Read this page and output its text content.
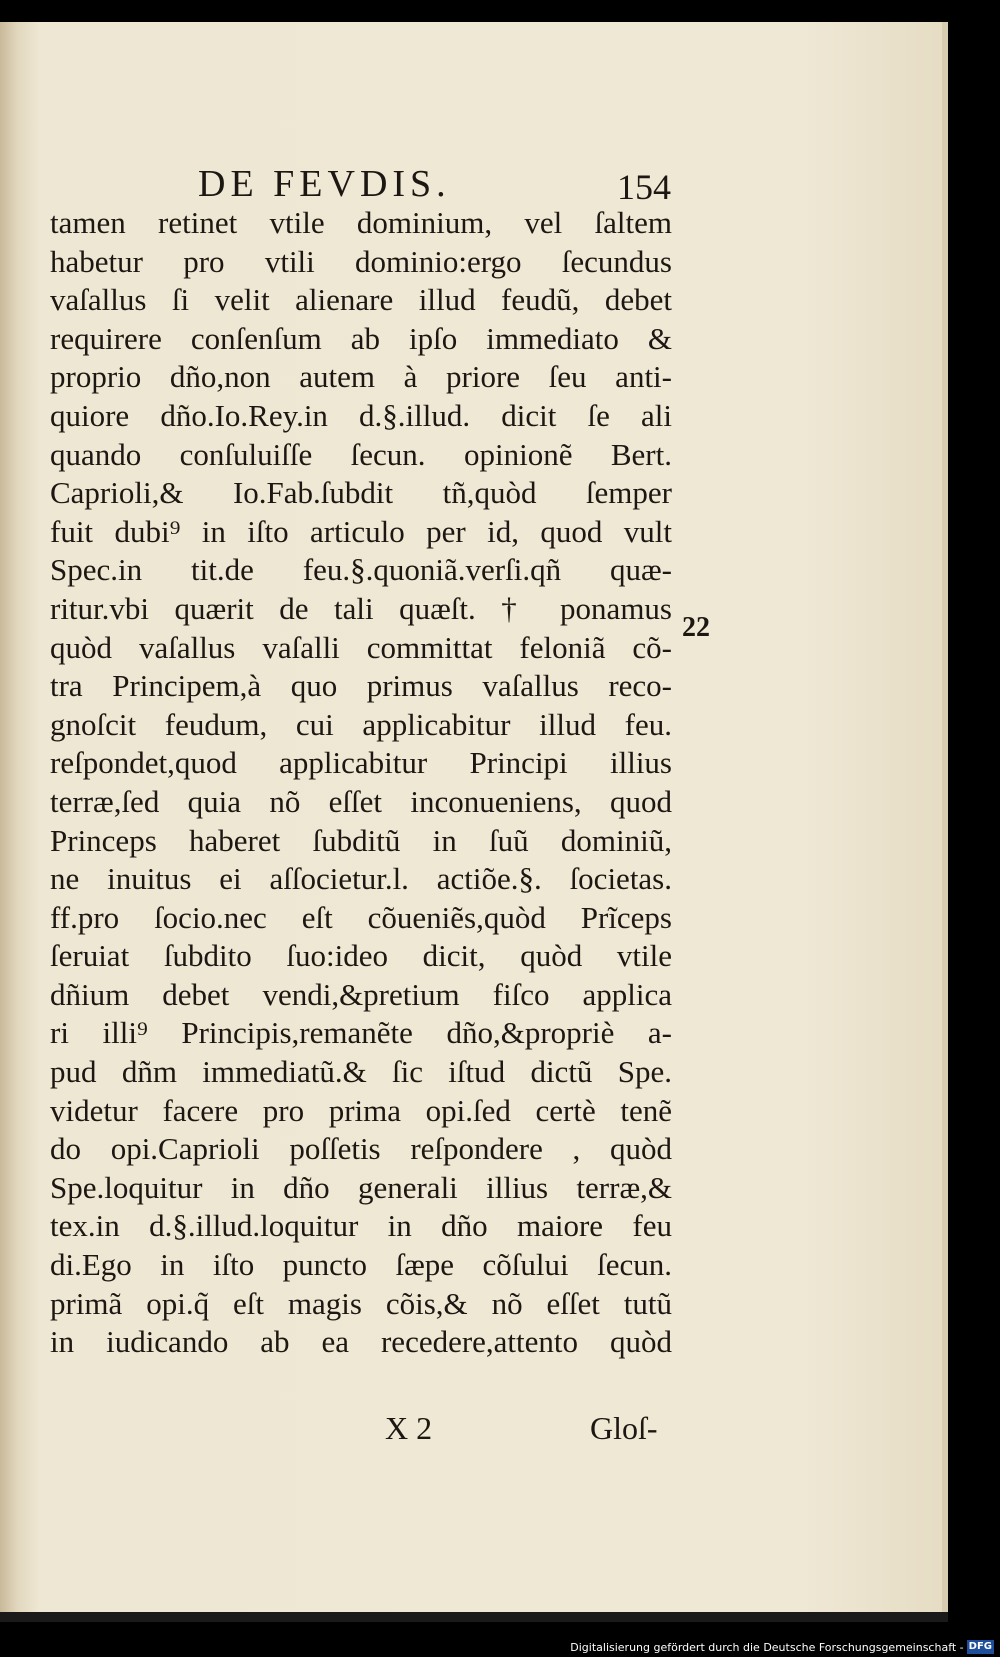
DE FEVDIS.	154
tamen retinet vtile dominium, vel ſaltem
habetur pro vtili dominio:ergo ſecundus
vaſallus ſi velit alienare illud feudũ, debet
requirere conſenſum ab ipſo immediato &
proprio dño,non autem à priore ſeu anti-
quiore dño.Io.Rey.in d.§.illud. dicit ſe ali
quando conſuluiſſe ſecun. opinionẽ Bert.
Caprioli,& Io.Fab.ſubdit tñ,quòd ſemper
fuit dubi⁹ in iſto articulo per id, quod vult
Spec.in tit.de feu.§.quoniã.verſi.qñ quæ-
ritur.vbi quærit de tali quæſt. † ponamus
quòd vaſallus vaſalli committat feloniã cõ-
tra Principem,à quo primus vaſallus reco-
gnoſcit feudum, cui applicabitur illud feu.
reſpondet,quod applicabitur Principi illius
terræ,ſed quia nõ eſſet inconueniens, quod
Princeps haberet ſubditũ in ſuũ dominiũ,
ne inuitus ei aſſocietur.l. actiõe.§. ſocietas.
ff.pro ſocio.nec eſt cõueniẽs,quòd Prĩceps
ſeruiat ſubdito ſuo:ideo dicit, quòd vtile
dñium debet vendi,&pretium fiſco applica
ri illi⁹ Principis,remanẽte dño,&propriè a-
pud dñm immediatũ.& ſic iſtud dictũ Spe.
videtur facere pro prima opi.ſed certè tenẽ
do opi.Caprioli poſſetis reſpondere , quòd
Spe.loquitur in dño generali illius terræ,&
tex.in d.§.illud.loquitur in dño maiore feu
di.Ego in iſto puncto ſæpe cõſului ſecun.
primã opi.q̃ eſt magis cõis,& nõ eſſet tutũ
in iudicando ab ea recedere,attento quòd
22
X 2	Gloſ-
Digitalisierung gefördert durch die Deutsche Forschungsgemeinschaft - DFG
